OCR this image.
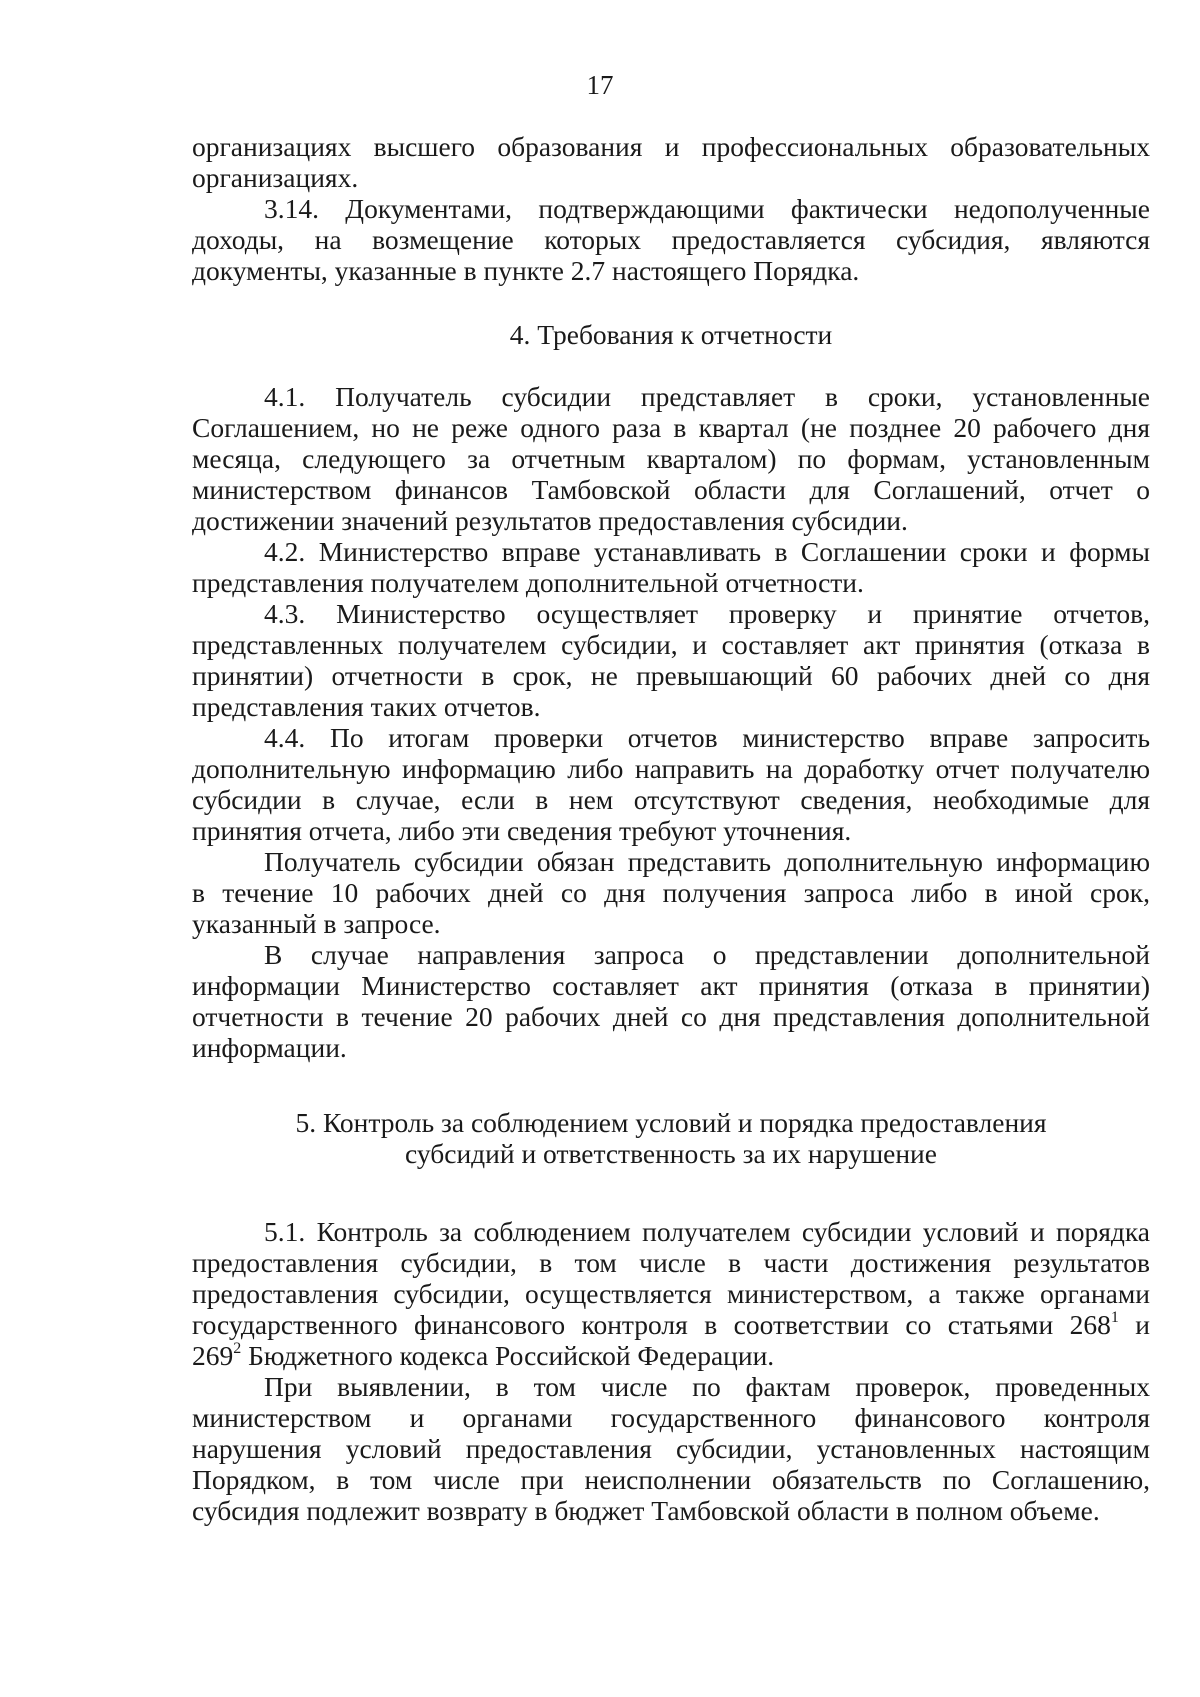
17

организациях высшего образования и профессиональных образовательных
организациях.

3.14. Документами, подтверждающими фактически недополученные
доходы, на возмещение которых предоставляется субсидия, являются
документы, указанные в пункте 2.7 настоящего Порядка.

4. Требования к отчетности

4.1. Получатель субсидии представляет в сроки, установленные
Соглашением, но не реже одного раза в квартал (не позднее 20 рабочего дня
месяца, следующего за отчетным кварталом) по формам, установленным
министерством финансов Тамбовской области для Соглашений, отчет о
достижении значений результатов предоставления субсидии.

4.2. Министерство вправе устанавливать в Соглашении сроки и формы
представления получателем дополнительной отчетности.

4.3. Министерство осуществляет проверку и принятие отчетов,
представленных получателем субсидии, и составляет акт принятия (отказа в
принятии) отчетности в срок, не превышающий 60 рабочих дней со дня
представления таких отчетов.

4.4. По итогам проверки отчетов министерство вправе запросить
дополнительную информацию либо направить на доработку отчет получателю
субсидии в случае, если в нем отсутствуют сведения, необходимые для
принятия отчета, либо эти сведения требуют уточнения.

Получатель субсидии обязан представить дополнительную информацию
в течение 10 рабочих дней со дня получения запроса либо в иной срок,
указанный в запросе.

В случае направления запроса о представлении дополнительной
информации Министерство составляет акт принятия (отказа в принятии)
отчетности в течение 20 рабочих дней со дня представления дополнительной
информации.

5. Контроль за соблюдением условий и порядка предоставления
субсидий и ответственность за их нарушение

5.1. Контроль за соблюдением получателем субсидии условий и порядка
предоставления субсидии, в том числе в части достижения результатов
предоставления субсидии, осуществляется министерством, а также органами
государственного финансового контроля в соответствии со статьями $268^1$ и
$269^2$ Бюджетного кодекса Российской Федерации.

При выявлении, в том числе по фактам проверок, проведенных
министерством и органами государственного финансового контроля
нарушения условий предоставления субсидии, установленных настоящим
Порядком, в том числе при неисполнении обязательств по Соглашению,
субсидия подлежит возврату в бюджет Тамбовской области в полном объеме.
